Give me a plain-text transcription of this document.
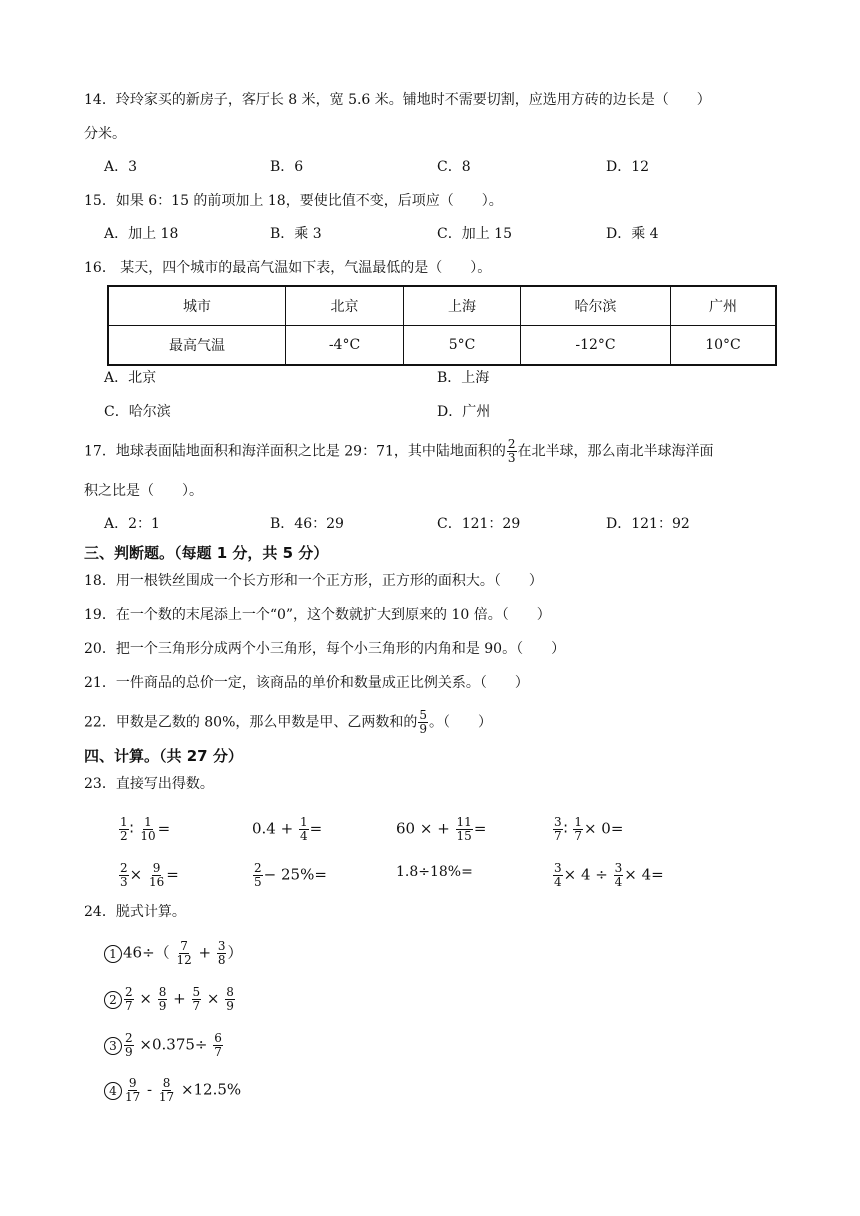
14．玲玲家买的新房子，客厅长 8 米，宽 5.6 米。铺地时不需要切割，应选用方砖的边长是（　　）
分米。
A．3	B．6	C．8	D．12
15．如果 6：15 的前项加上 18，要使比值不变，后项应（　　）。
A．加上 18	B．乘 3	C．加上 15	D．乘 4
16． 某天，四个城市的最高气温如下表，气温最低的是（　　）。
城市	北京	上海	哈尔滨	广州
最高气温	-4°C	5°C	-12°C	10°C
A．北京	B．上海
C．哈尔滨	D．广州
17．地球表面陆地面积和海洋面积之比是 29：71，其中陆地面积的 $\frac{2}{3}$ 在北半球，那么南北半球海洋面
积之比是（　　）。
A．2：1	B．46：29	C．121：29	D．121：92
三、判断题。（每题 1 分，共 5 分）
18．用一根铁丝围成一个长方形和一个正方形，正方形的面积大。（　　）
19．在一个数的末尾添上一个“0”，这个数就扩大到原来的 10 倍。（　　）
20．把一个三角形分成两个小三角形，每个小三角形的内角和是 90。（　　）
21．一件商品的总价一定，该商品的单价和数量成正比例关系。（　　）
22．甲数是乙数的 80%，那么甲数是甲、乙两数和的 $\frac{5}{9}$ 。（　　）
四、计算。（共 27 分）
23．直接写出得数。
$\frac{1}{2}$ ∶ $\frac{1}{10}$ =	$0.4 + \frac{1}{4}$ =	60 × + $\frac{11}{15}$ =	$\frac{3}{7}$ ∶ $\frac{1}{7} \times 0=$
$\frac{2}{3} \times \frac{9}{16}$ =	$\frac{2}{5} - 25\%=$	1.8÷18%=	$\frac{3}{4} \times 4 \div \frac{3}{4} \times 4=$
24．脱式计算。
1 $46\div( \frac{7}{12} + \frac{3}{8}$ ）
$2 \frac{2}{7} \times \frac{8}{9} + \frac{5}{7} \times \frac{8}{9}$
$3 \frac{2}{9} \times 0.375\div \frac{6}{7}$
$4 \frac{9}{17} - \frac{8}{17} \times 12.5\%$
